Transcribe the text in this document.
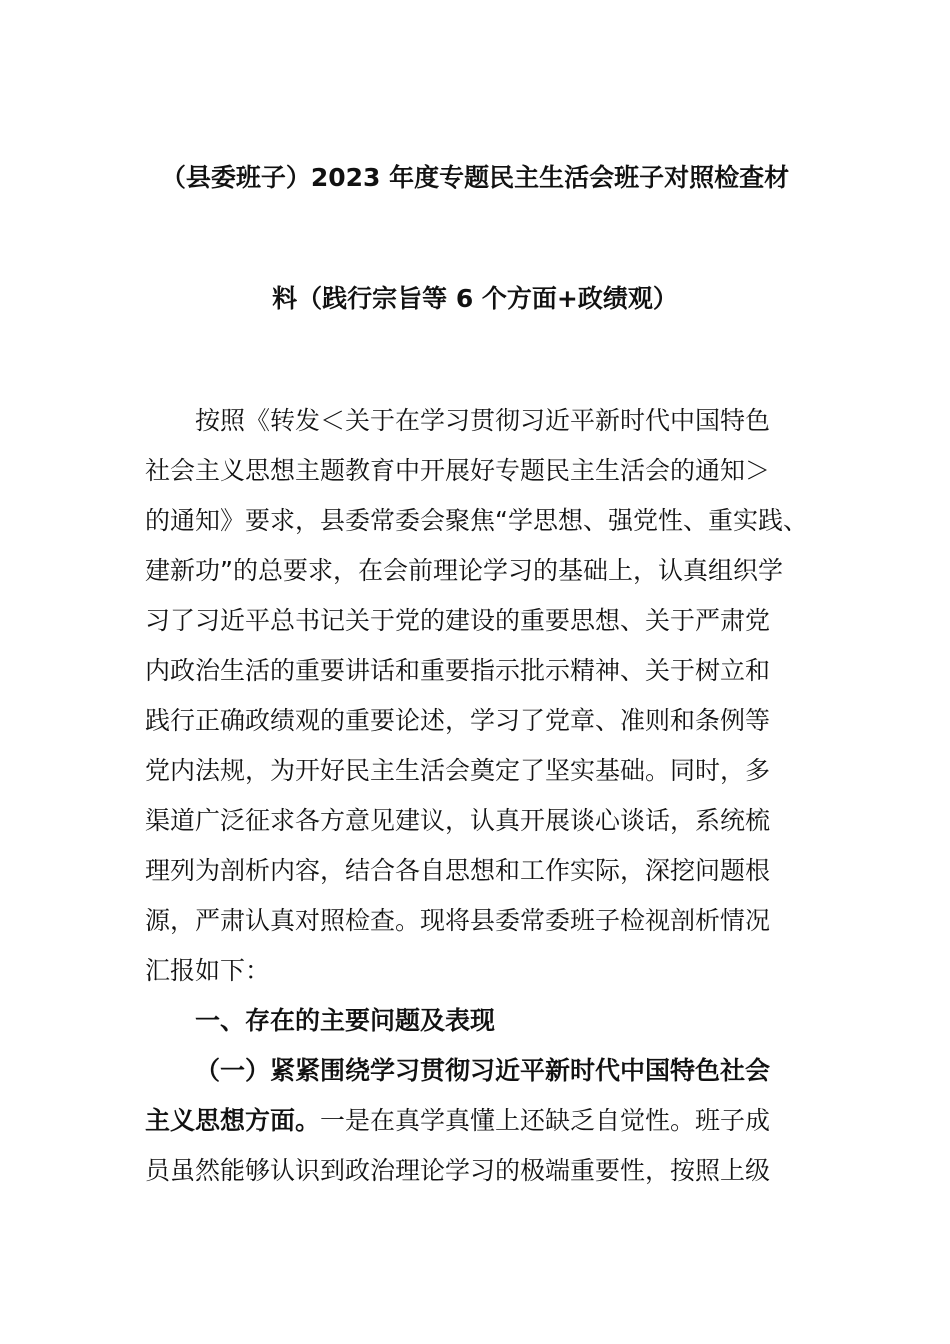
（县委班子）2023 年度专题民主生活会班子对照检查材
料（践行宗旨等 6 个方面+政绩观）
按照《转发＜关于在学习贯彻习近平新时代中国特色
社会主义思想主题教育中开展好专题民主生活会的通知＞
的通知》要求，县委常委会聚焦“学思想、强党性、重实践、
建新功”的总要求，在会前理论学习的基础上，认真组织学
习了习近平总书记关于党的建设的重要思想、关于严肃党
内政治生活的重要讲话和重要指示批示精神、关于树立和
践行正确政绩观的重要论述，学习了党章、准则和条例等
党内法规，为开好民主生活会奠定了坚实基础。同时，多
渠道广泛征求各方意见建议，认真开展谈心谈话，系统梳
理列为剖析内容，结合各自思想和工作实际，深挖问题根
源，严肃认真对照检查。现将县委常委班子检视剖析情况
汇报如下：
一、存在的主要问题及表现
（一）紧紧围绕学习贯彻习近平新时代中国特色社会
主义思想方面。一是在真学真懂上还缺乏自觉性。班子成
员虽然能够认识到政治理论学习的极端重要性，按照上级
